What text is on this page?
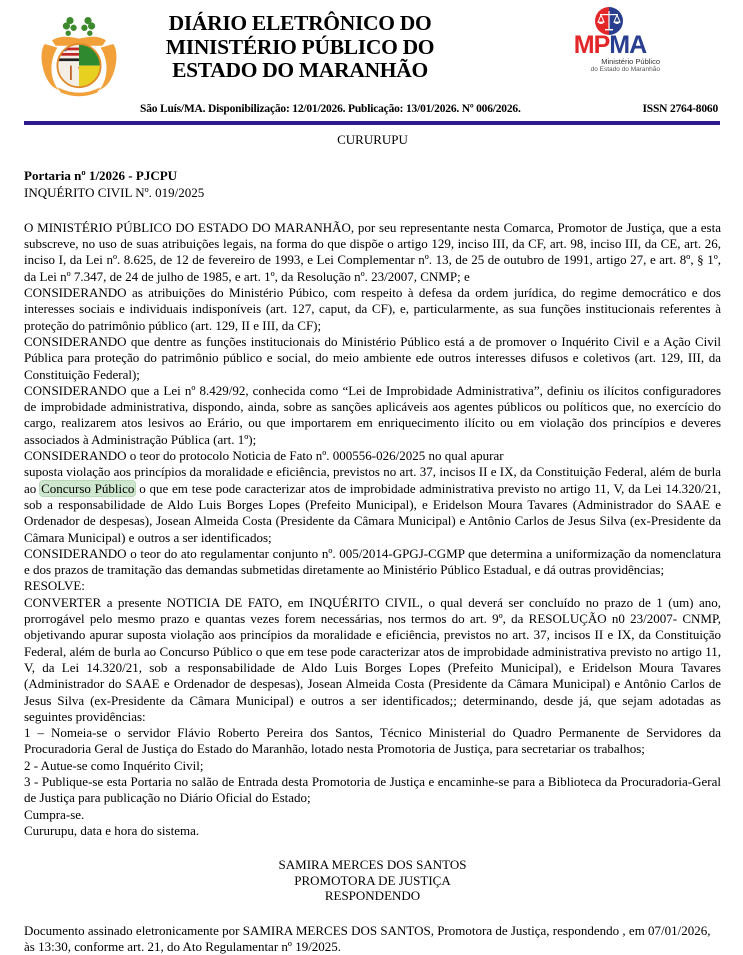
DIÁRIO ELETRÔNICO DO
MINISTÉRIO PÚBLICO DO
ESTADO DO MARANHÃO
MPMA
Ministério Público
do Estado do Maranhão
São Luís/MA. Disponibilização: 12/01/2026. Publicação: 13/01/2026. Nº 006/2026.	ISSN 2764-8060
CURURUPU

Portaria nº 1/2026 - PJCPU

INQUÉRITO CIVIL Nº. 019/2025

O MINISTÉRIO PÚBLICO DO ESTADO DO MARANHÃO, por seu representante nesta Comarca, Promotor de Justiça, que a esta subscreve, no uso de suas atribuições legais, na forma do que dispõe o artigo 129, inciso III, da CF, art. 98, inciso III, da CE, art. 26, inciso I, da Lei nº. 8.625, de 12 de fevereiro de 1993, e Lei Complementar nº. 13, de 25 de outubro de 1991, artigo 27, e art. 8º, § 1º, da Lei nº 7.347, de 24 de julho de 1985, e art. 1º, da Resolução nº. 23/2007, CNMP; e

CONSIDERANDO as atribuições do Ministério Púbico, com respeito à defesa da ordem jurídica, do regime democrático e dos interesses sociais e individuais indisponíveis (art. 127, caput, da CF), e, particularmente, as sua funções institucionais referentes à proteção do patrimônio público (art. 129, II e III, da CF);

CONSIDERANDO que dentre as funções institucionais do Ministério Público está a de promover o Inquérito Civil e a Ação Civil Pública para proteção do patrimônio público e social, do meio ambiente ede outros interesses difusos e coletivos (art. 129, III, da Constituição Federal);

CONSIDERANDO que a Lei nº 8.429/92, conhecida como “Lei de Improbidade Administrativa”, definiu os ilícitos configuradores de improbidade administrativa, dispondo, ainda, sobre as sanções aplicáveis aos agentes públicos ou políticos que, no exercício do cargo, realizarem atos lesivos ao Erário, ou que importarem em enriquecimento ilícito ou em violação dos princípios e deveres associados à Administração Pública (art. 1º);

CONSIDERANDO o teor do protocolo Noticia de Fato nº. 000556-026/2025 no qual apurar

suposta violação aos princípios da moralidade e eficiência, previstos no art. 37, incisos II e IX, da Constituição Federal, além de burla ao Concurso Público o que em tese pode caracterizar atos de improbidade administrativa previsto no artigo 11, V, da Lei 14.320/21, sob a responsabilidade de Aldo Luis Borges Lopes (Prefeito Municipal), e Eridelson Moura Tavares (Administrador do SAAE e Ordenador de despesas), Josean Almeida Costa (Presidente da Câmara Municipal) e Antônio Carlos de Jesus Silva (ex-Presidente da Câmara Municipal) e outros a ser identificados;

CONSIDERANDO o teor do ato regulamentar conjunto nº. 005/2014-GPGJ-CGMP que determina a uniformização da nomenclatura e dos prazos de tramitação das demandas submetidas diretamente ao Ministério Público Estadual, e dá outras providências;

RESOLVE:

CONVERTER a presente NOTICIA DE FATO, em INQUÉRITO CIVIL, o qual deverá ser concluído no prazo de 1 (um) ano, prorrogável pelo mesmo prazo e quantas vezes forem necessárias, nos termos do art. 9º, da RESOLUÇÃO n0 23/2007- CNMP, objetivando apurar suposta violação aos princípios da moralidade e eficiência, previstos no art. 37, incisos II e IX, da Constituição Federal, além de burla ao Concurso Público o que em tese pode caracterizar atos de improbidade administrativa previsto no artigo 11, V, da Lei 14.320/21, sob a responsabilidade de Aldo Luis Borges Lopes (Prefeito Municipal), e Eridelson Moura Tavares (Administrador do SAAE e Ordenador de despesas), Josean Almeida Costa (Presidente da Câmara Municipal) e Antônio Carlos de Jesus Silva (ex-Presidente da Câmara Municipal) e outros a ser identificados;; determinando, desde já, que sejam adotadas as seguintes providências:

1 – Nomeia-se o servidor Flávio Roberto Pereira dos Santos, Técnico Ministerial do Quadro Permanente de Servidores da Procuradoria Geral de Justiça do Estado do Maranhão, lotado nesta Promotoria de Justiça, para secretariar os trabalhos;

2 - Autue-se como Inquérito Civil;

3 - Publique-se esta Portaria no salão de Entrada desta Promotoria de Justiça e encaminhe-se para a Biblioteca da Procuradoria-Geral de Justiça para publicação no Diário Oficial do Estado;

Cumpra-se.

Cururupu, data e hora do sistema.

SAMIRA MERCES DOS SANTOS
PROMOTORA DE JUSTIÇA
RESPONDENDO

Documento assinado eletronicamente por SAMIRA MERCES DOS SANTOS, Promotora de Justiça, respondendo , em 07/01/2026, às 13:30, conforme art. 21, do Ato Regulamentar nº 19/2025.
